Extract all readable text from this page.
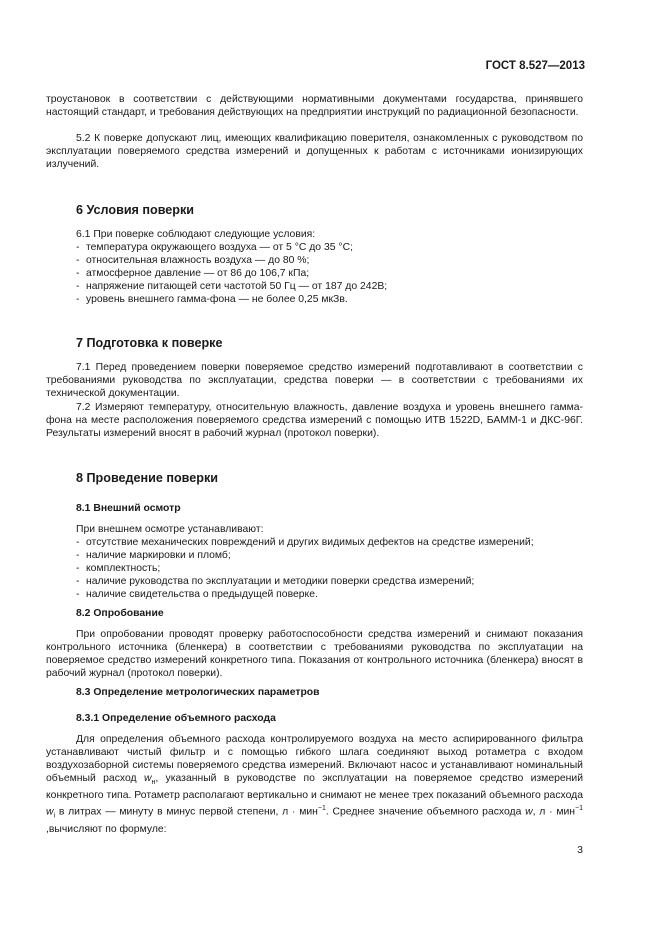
ГОСТ 8.527—2013
троустановок в соответствии с действующими нормативными документами государства, принявшего настоящий стандарт, и требования действующих на предприятии инструкций по радиационной безопасности.
5.2 К поверке допускают лиц, имеющих квалификацию поверителя, ознакомленных с руководством по эксплуатации поверяемого средства измерений и допущенных к работам с источниками ионизирующих излучений.
6 Условия поверки
6.1 При поверке соблюдают следующие условия:
- температура окружающего воздуха — от 5 °С до 35 °С;
- относительная влажность воздуха — до 80 %;
- атмосферное давление — от 86 до 106,7 кПа;
- напряжение питающей сети частотой 50 Гц — от 187 до 242В;
- уровень внешнего гамма-фона — не более 0,25 мкЗв.
7 Подготовка к поверке
7.1 Перед проведением поверки поверяемое средство измерений подготавливают в соответствии с требованиями руководства по эксплуатации, средства поверки — в соответствии с требованиями их технической документации.
7.2 Измеряют температуру, относительную влажность, давление воздуха и уровень внешнего гамма-фона на месте расположения поверяемого средства измерений с помощью ИТВ 1522D, БАММ-1 и ДКС-96Г. Результаты измерений вносят в рабочий журнал (протокол поверки).
8 Проведение поверки
8.1 Внешний осмотр
При внешнем осмотре устанавливают:
- отсутствие механических повреждений и других видимых дефектов на средстве измерений;
- наличие маркировки и пломб;
- комплектность;
- наличие руководства по эксплуатации и методики поверки средства измерений;
- наличие свидетельства о предыдущей поверке.
8.2 Опробование
При опробовании проводят проверку работоспособности средства измерений и снимают показания контрольного источника (бленкера) в соответствии с требованиями руководства по эксплуатации на поверяемое средство измерений конкретного типа. Показания от контрольного источника (бленкера) вносят в рабочий журнал (протокол поверки).
8.3 Определение метрологических параметров
8.3.1 Определение объемного расхода
Для определения объемного расхода контролируемого воздуха на место аспирированного фильтра устанавливают чистый фильтр и с помощью гибкого шлага соединяют выход ротаметра с входом воздухозаборной системы поверяемого средства измерений. Включают насос и устанавливают номинальный объемный расход $w_н$, указанный в руководстве по эксплуатации на поверяемое средство измерений конкретного типа. Ротаметр располагают вертикально и снимают не менее трех показаний объемного расхода $w_i$ в литрах — минуту в минус первой степени, л · мин$^{-1}$. Среднее значение объемного расхода w, л · мин$^{-1}$ ,вычисляют по формуле:
3
